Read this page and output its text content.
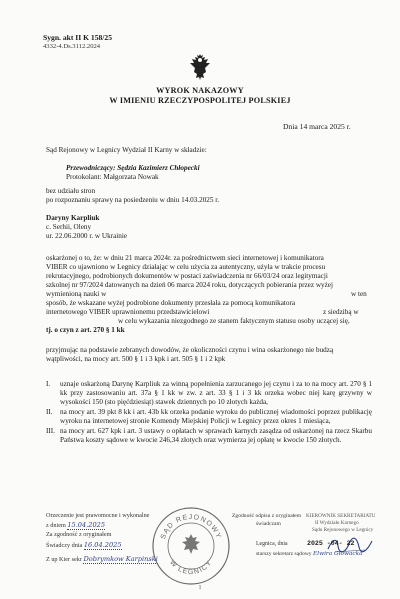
Sygn. akt II K 158/25
4332-4.Ds.3112.2024
WYROK NAKAZOWY
W IMIENIU RZECZYPOSPOLITEJ POLSKIEJ
Dnia 14 marca 2025 r.
Sąd Rejonowy w Legnicy Wydział II Karny w składzie:
Przewodniczący: Sędzia Kazimierz Chłopecki
Protokolant: Małgorzata Nowak
bez udziału stron
po rozpoznaniu sprawy na posiedzeniu w dniu 14.03.2025 r.
Daryny Karpliuk
c. Serhii, Oleny
ur. 22.06.2000 r. w Ukrainie
oskarżonej o to, że: w dniu 21 marca 2024r. za pośrednictwem sieci internetowej i komunikatora
VIBER co ujawniono w Legnicy działając w celu użycia za autentyczny, użyła w trakcie procesu
rekrutacyjnego, podrobionych dokumentów w postaci zaświadczenia nr 66/03/24 oraz legitymacji
szkolnej nr 97/2024 datowanych na dzień 06 marca 2024 roku, dotyczących pobierania przez wyżej
wymienioną nauki w	w ten
sposób, że wskazane wyżej podrobione dokumenty przesłała za pomocą komunikatora
internetowego VIBER uprawnionemu przedstawicielowi	z siedzibą w
w celu wykazania niezgodnego ze stanem faktycznym statusu osoby uczącej się,
tj. o czyn z art. 270 § 1 kk
przyjmując na podstawie zebranych dowodów, że okoliczności czynu i wina oskarżonego nie budzą
wątpliwości, na mocy art. 500 § 1 i 3 kpk i art. 505 § 1 i 2 kpk
I.	uznaje oskarżoną Darynę Karpliuk za winną popełnienia zarzucanego jej czynu i za to na mocy art. 270 § 1 kk przy zastosowaniu art. 37a § 1 kk w zw. z art. 33 § 1 i 3 kk orzeka wobec niej karę grzywny w wysokości 150 (sto pięćdziesiąt) stawek dziennych po 10 złotych każda,
II.	na mocy art. 39 pkt 8 kk i art. 43b kk orzeka podanie wyroku do publicznej wiadomości poprzez publikację wyroku na internetowej stronie Komendy Miejskiej Policji w Legnicy przez okres 1 miesiąca,
III. na mocy art. 627 kpk i art. 3 ustawy o opłatach w sprawach karnych zasądza od oskarżonej na rzecz Skarbu Państwa koszty sądowe w kwocie 246,34 złotych oraz wymierza jej opłatę w kwocie 150 złotych.
Orzeczenie jest prawomocne i wykonalne
z dniem 15.04.2025
Za zgodność z oryginałem
Świadczy dnia 16.04.2025
Z up Kier sekr Dobrymkow Karpinski
SĄD REJONOWY
W LEGNICY
Zgodność odpisu z oryginałem
świadczam
KIEROWNIK SEKRETARIATU
II Wydziału Karnego
Sądu Rejonowego w Legnicy
Legnica, dnia	2025 -04- 22
starszy sekretarz sądowy Elwira Głowacka
1
